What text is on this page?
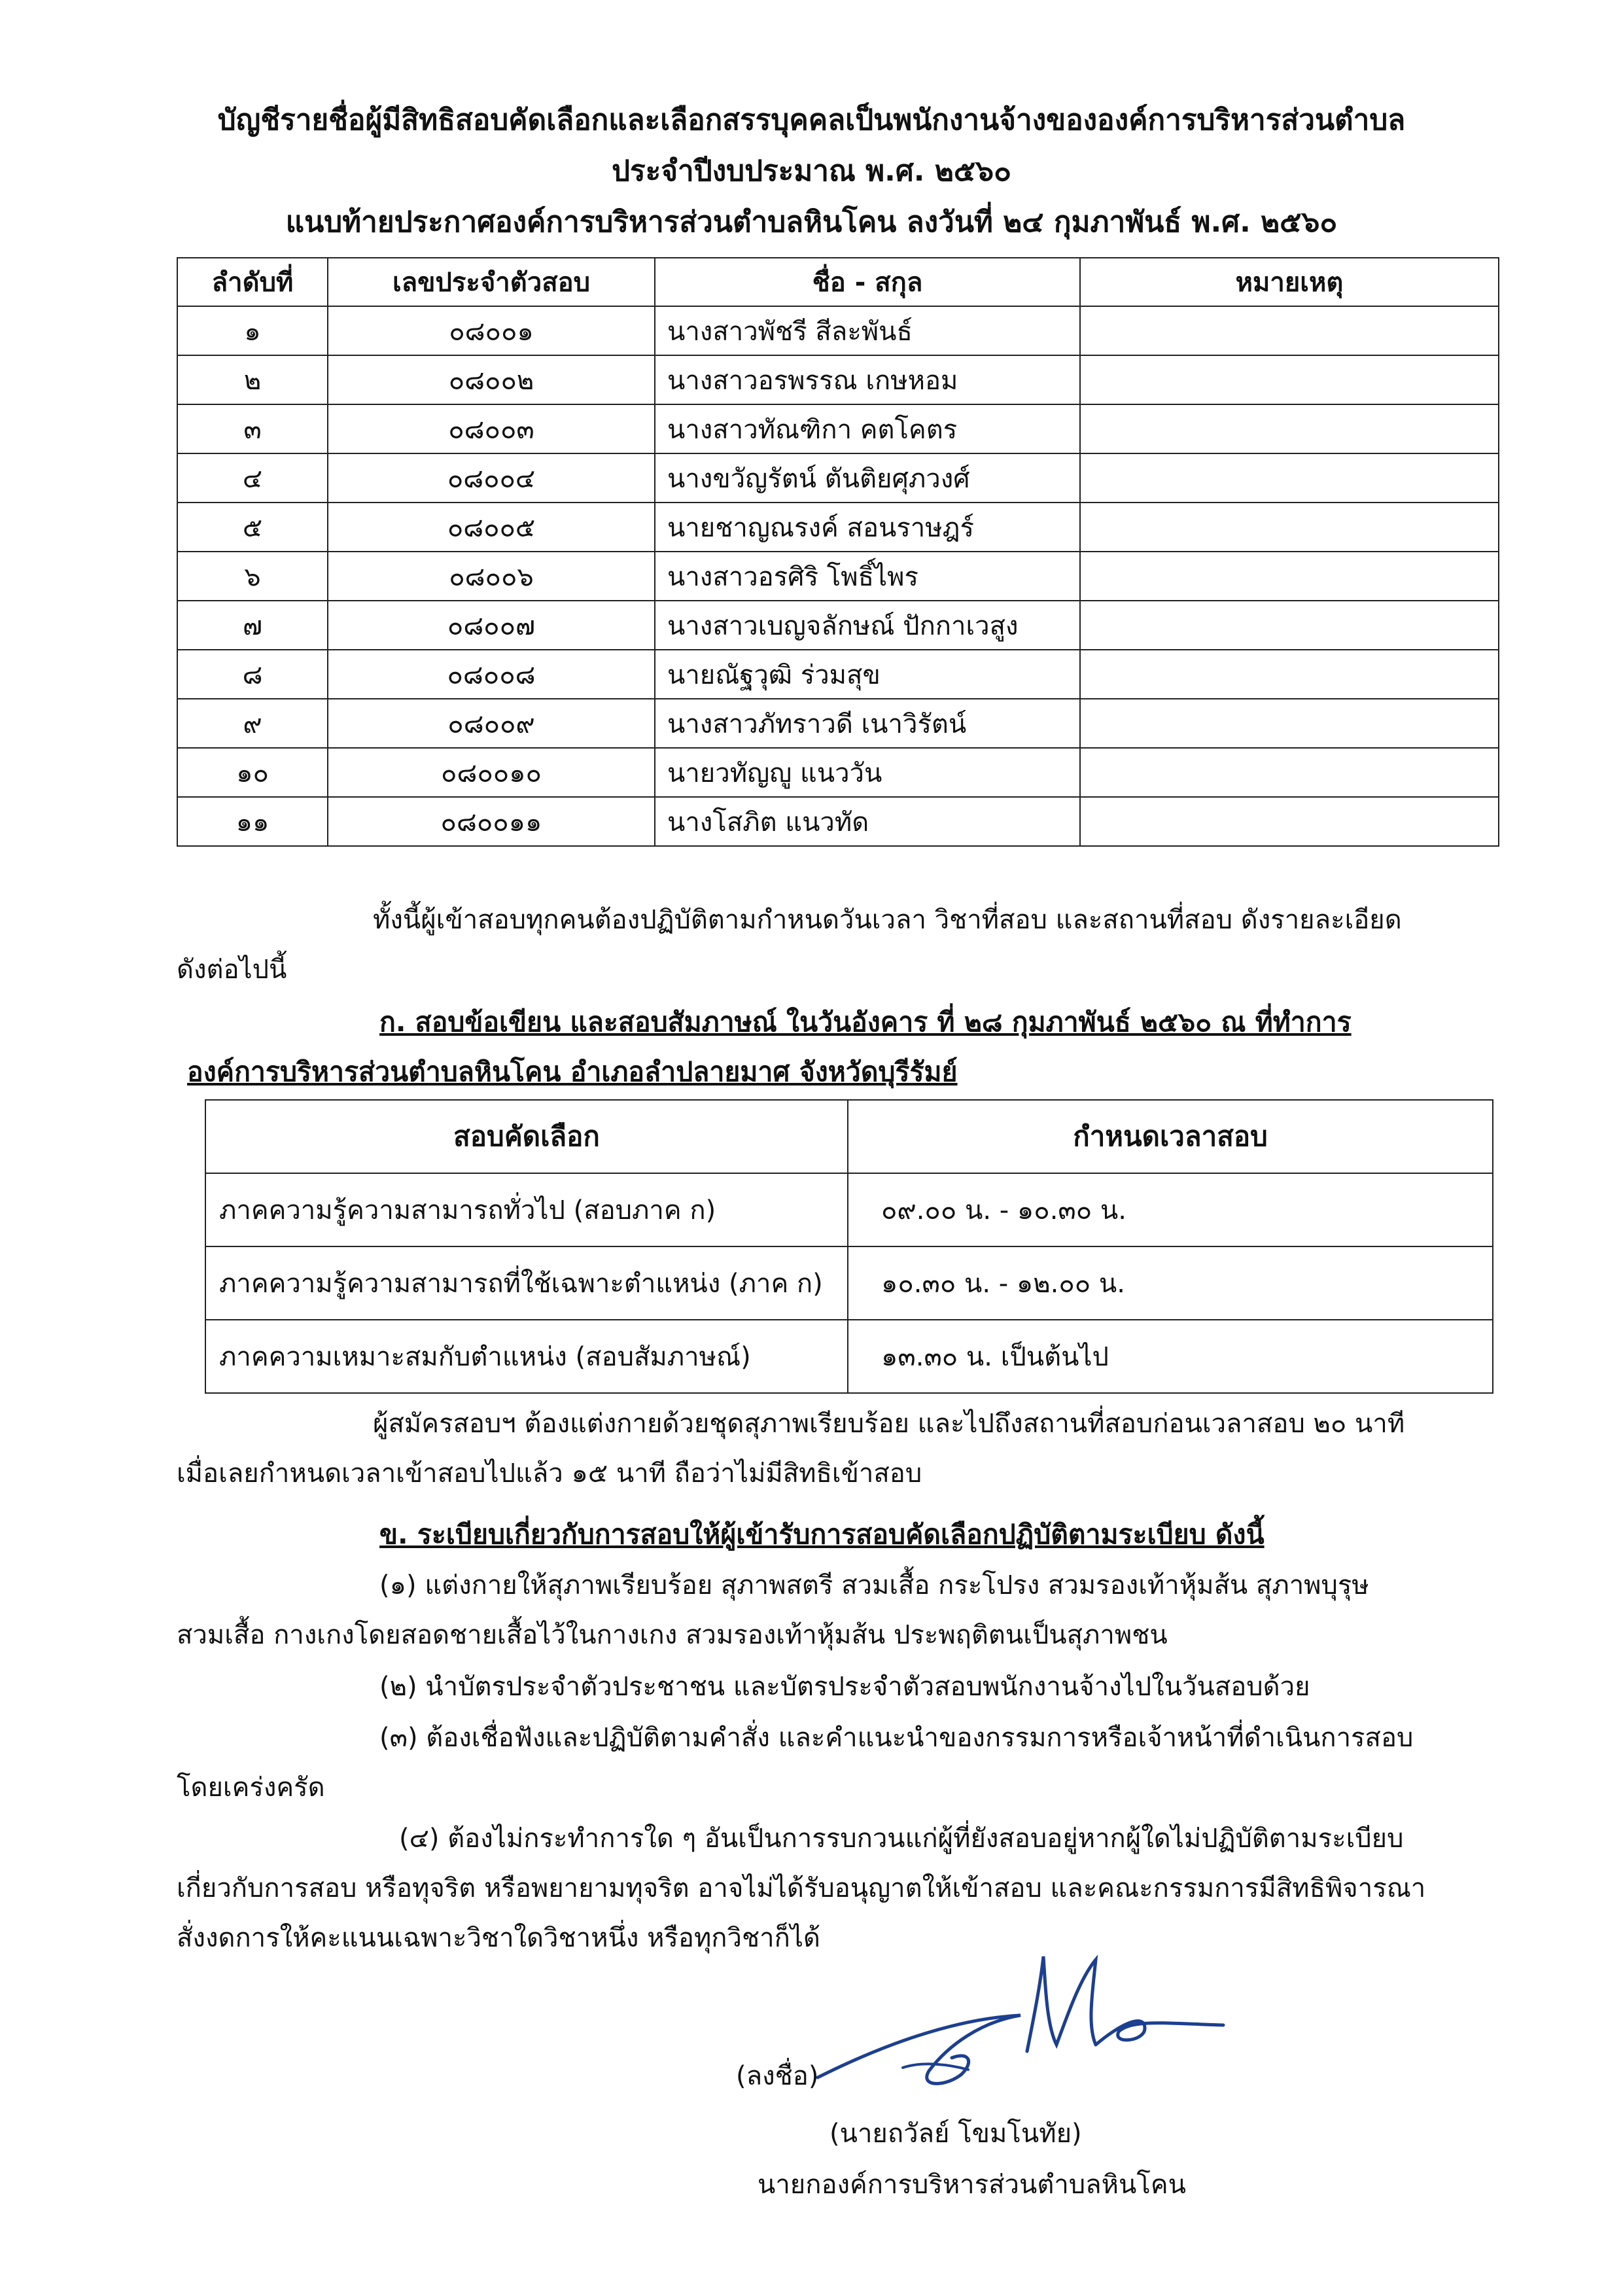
บัญชีรายชื่อผู้มีสิทธิสอบคัดเลือกและเลือกสรรบุคคลเป็นพนักงานจ้างขององค์การบริหารส่วนตำบล
ประจำปีงบประมาณ พ.ศ. ๒๕๖๐
แนบท้ายประกาศองค์การบริหารส่วนตำบลหินโคน ลงวันที่ ๒๔ กุมภาพันธ์ พ.ศ. ๒๕๖๐
ลำดับที่	เลขประจำตัวสอบ	ชื่อ - สกุล	หมายเหตุ
๑	๐๘๐๐๑	นางสาวพัชรี สีละพันธ์	
๒	๐๘๐๐๒	นางสาวอรพรรณ เกษหอม	
๓	๐๘๐๐๓	นางสาวทัณฑิกา คตโคตร	
๔	๐๘๐๐๔	นางขวัญรัตน์ ตันติยศุภวงศ์	
๕	๐๘๐๐๕	นายชาญณรงค์ สอนราษฎร์	
๖	๐๘๐๐๖	นางสาวอรศิริ โพธิ์ไพร	
๗	๐๘๐๐๗	นางสาวเบญจลักษณ์ ปักกาเวสูง	
๘	๐๘๐๐๘	นายณัฐวุฒิ ร่วมสุข	
๙	๐๘๐๐๙	นางสาวภัทราวดี เนาวิรัตน์	
๑๐	๐๘๐๐๑๐	นายวทัญญู แนววัน	
๑๑	๐๘๐๐๑๑	นางโสภิต แนวทัด	
ทั้งนี้ผู้เข้าสอบทุกคนต้องปฏิบัติตามกำหนดวันเวลา วิชาที่สอบ และสถานที่สอบ ดังรายละเอียด
ดังต่อไปนี้
ก. สอบข้อเขียน และสอบสัมภาษณ์ ในวันอังคาร ที่ ๒๘ กุมภาพันธ์ ๒๕๖๐ ณ ที่ทำการ
องค์การบริหารส่วนตำบลหินโคน อำเภอลำปลายมาศ จังหวัดบุรีรัมย์
สอบคัดเลือก	กำหนดเวลาสอบ
ภาคความรู้ความสามารถทั่วไป (สอบภาค ก)	๐๙.๐๐ น. - ๑๐.๓๐ น.
ภาคความรู้ความสามารถที่ใช้เฉพาะตำแหน่ง (ภาค ก)	๑๐.๓๐ น. - ๑๒.๐๐ น.
ภาคความเหมาะสมกับตำแหน่ง (สอบสัมภาษณ์)	๑๓.๓๐ น. เป็นต้นไป
ผู้สมัครสอบฯ ต้องแต่งกายด้วยชุดสุภาพเรียบร้อย และไปถึงสถานที่สอบก่อนเวลาสอบ ๒๐ นาที
เมื่อเลยกำหนดเวลาเข้าสอบไปแล้ว ๑๕ นาที ถือว่าไม่มีสิทธิเข้าสอบ
ข. ระเบียบเกี่ยวกับการสอบให้ผู้เข้ารับการสอบคัดเลือกปฏิบัติตามระเบียบ ดังนี้
(๑) แต่งกายให้สุภาพเรียบร้อย สุภาพสตรี สวมเสื้อ กระโปรง สวมรองเท้าหุ้มส้น สุภาพบุรุษ
สวมเสื้อ กางเกงโดยสอดชายเสื้อไว้ในกางเกง สวมรองเท้าหุ้มส้น ประพฤติตนเป็นสุภาพชน
(๒) นำบัตรประจำตัวประชาชน และบัตรประจำตัวสอบพนักงานจ้างไปในวันสอบด้วย
(๓) ต้องเชื่อฟังและปฏิบัติตามคำสั่ง และคำแนะนำของกรรมการหรือเจ้าหน้าที่ดำเนินการสอบ
โดยเคร่งครัด
(๔) ต้องไม่กระทำการใด ๆ อันเป็นการรบกวนแก่ผู้ที่ยังสอบอยู่หากผู้ใดไม่ปฏิบัติตามระเบียบ
เกี่ยวกับการสอบ หรือทุจริต หรือพยายามทุจริต อาจไม่ได้รับอนุญาตให้เข้าสอบ และคณะกรรมการมีสิทธิพิจารณา
สั่งงดการให้คะแนนเฉพาะวิชาใดวิชาหนึ่ง หรือทุกวิชาก็ได้
(ลงชื่อ)
(นายถวัลย์ โขมโนทัย)
นายกองค์การบริหารส่วนตำบลหินโคน
